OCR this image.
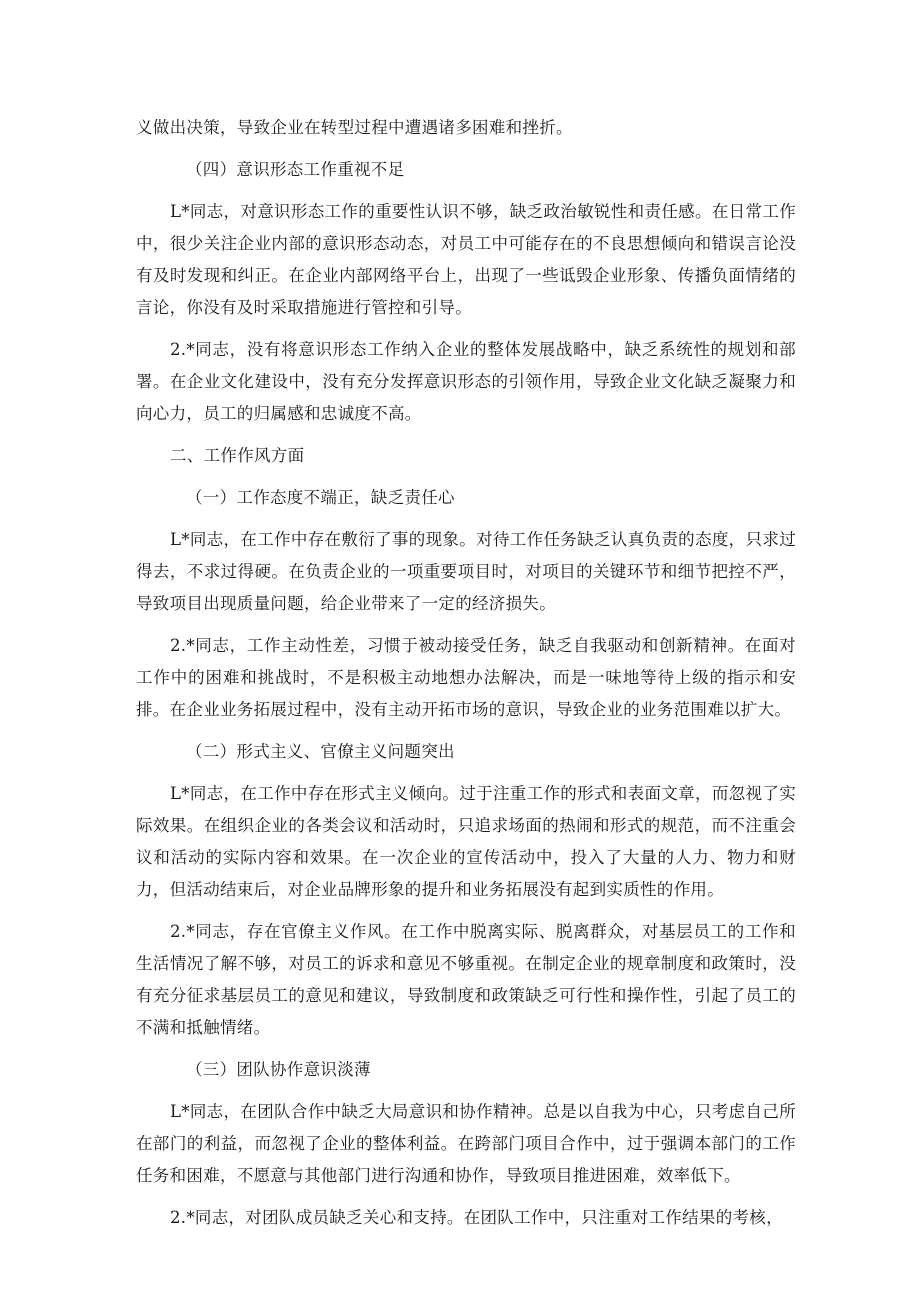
义做出决策，导致企业在转型过程中遭遇诸多困难和挫折。

（四）意识形态工作重视不足

L*同志，对意识形态工作的重要性认识不够，缺乏政治敏锐性和责任感。在日常工作中，很少关注企业内部的意识形态动态，对员工中可能存在的不良思想倾向和错误言论没有及时发现和纠正。在企业内部网络平台上，出现了一些诋毁企业形象、传播负面情绪的言论，你没有及时采取措施进行管控和引导。

2.*同志，没有将意识形态工作纳入企业的整体发展战略中，缺乏系统性的规划和部署。在企业文化建设中，没有充分发挥意识形态的引领作用，导致企业文化缺乏凝聚力和向心力，员工的归属感和忠诚度不高。

二、工作作风方面

（一）工作态度不端正，缺乏责任心

L*同志，在工作中存在敷衍了事的现象。对待工作任务缺乏认真负责的态度，只求过得去，不求过得硬。在负责企业的一项重要项目时，对项目的关键环节和细节把控不严，导致项目出现质量问题，给企业带来了一定的经济损失。

2.*同志，工作主动性差，习惯于被动接受任务，缺乏自我驱动和创新精神。在面对工作中的困难和挑战时，不是积极主动地想办法解决，而是一味地等待上级的指示和安排。在企业业务拓展过程中，没有主动开拓市场的意识，导致企业的业务范围难以扩大。

（二）形式主义、官僚主义问题突出

L*同志，在工作中存在形式主义倾向。过于注重工作的形式和表面文章，而忽视了实际效果。在组织企业的各类会议和活动时，只追求场面的热闹和形式的规范，而不注重会议和活动的实际内容和效果。在一次企业的宣传活动中，投入了大量的人力、物力和财力，但活动结束后，对企业品牌形象的提升和业务拓展没有起到实质性的作用。

2.*同志，存在官僚主义作风。在工作中脱离实际、脱离群众，对基层员工的工作和生活情况了解不够，对员工的诉求和意见不够重视。在制定企业的规章制度和政策时，没有充分征求基层员工的意见和建议，导致制度和政策缺乏可行性和操作性，引起了员工的不满和抵触情绪。

（三）团队协作意识淡薄

L*同志，在团队合作中缺乏大局意识和协作精神。总是以自我为中心，只考虑自己所在部门的利益，而忽视了企业的整体利益。在跨部门项目合作中，过于强调本部门的工作任务和困难，不愿意与其他部门进行沟通和协作，导致项目推进困难，效率低下。

2.*同志，对团队成员缺乏关心和支持。在团队工作中，只注重对工作结果的考核，
